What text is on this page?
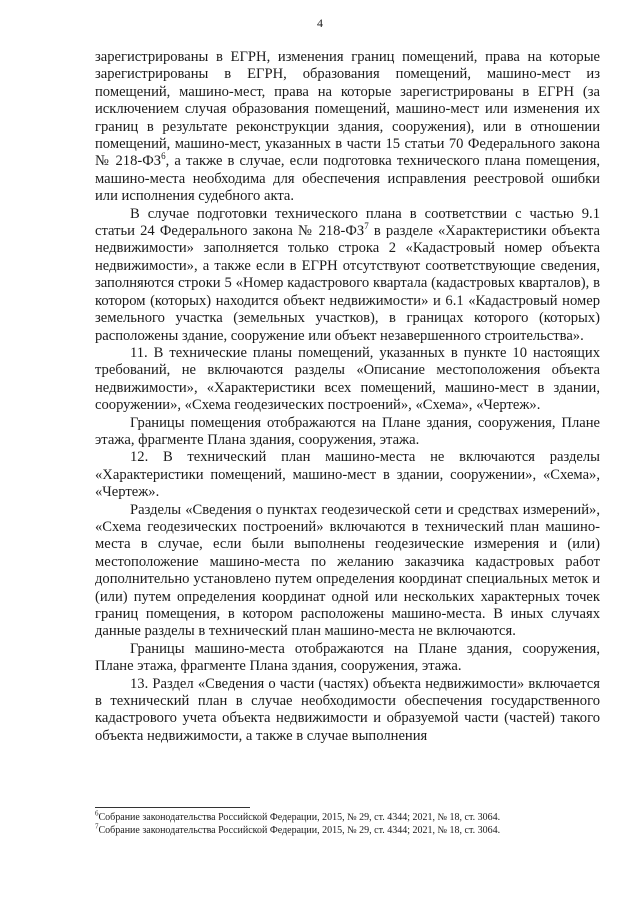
4

зарегистрированы в ЕГРН, изменения границ помещений, права на которые зарегистрированы в ЕГРН, образования помещений, машино-мест из помещений, машино-мест, права на которые зарегистрированы в ЕГРН (за исключением случая образования помещений, машино-мест или изменения их границ в результате реконструкции здания, сооружения), или в отношении помещений, машино-мест, указанных в части 15 статьи 70 Федерального закона № $218-ФЗ^6$, а также в случае, если подготовка технического плана помещения, машино-места необходима для обеспечения исправления реестровой ошибки или исполнения судебного акта.

В случае подготовки технического плана в соответствии с частью 9.1 статьи 24 Федерального закона № $218-ФЗ^7$ в разделе «Характеристики объекта недвижимости» заполняется только строка 2 «Кадастровый номер объекта недвижимости», а также если в ЕГРН отсутствуют соответствующие сведения, заполняются строки 5 «Номер кадастрового квартала (кадастровых кварталов), в котором (которых) находится объект недвижимости» и 6.1 «Кадастровый номер земельного участка (земельных участков), в границах которого (которых) расположены здание, сооружение или объект незавершенного строительства».

11. В технические планы помещений, указанных в пункте 10 настоящих требований, не включаются разделы «Описание местоположения объекта недвижимости», «Характеристики всех помещений, машино-мест в здании, сооружении», «Схема геодезических построений», «Схема», «Чертеж».

Границы помещения отображаются на Плане здания, сооружения, Плане этажа, фрагменте Плана здания, сооружения, этажа.

12. В технический план машино-места не включаются разделы «Характеристики помещений, машино-мест в здании, сооружении», «Схема», «Чертеж».

Разделы «Сведения о пунктах геодезической сети и средствах измерений», «Схема геодезических построений» включаются в технический план машино-места в случае, если были выполнены геодезические измерения и (или) местоположение машино-места по желанию заказчика кадастровых работ дополнительно установлено путем определения координат специальных меток и (или) путем определения координат одной или нескольких характерных точек границ помещения, в котором расположены машино-места. В иных случаях данные разделы в технический план машино-места не включаются.

Границы машино-места отображаются на Плане здания, сооружения, Плане этажа, фрагменте Плана здания, сооружения, этажа.

13. Раздел «Сведения о части (частях) объекта недвижимости» включается в технический план в случае необходимости обеспечения государственного кадастрового учета объекта недвижимости и образуемой части (частей) такого объекта недвижимости, а также в случае выполнения

$^6$Собрание законодательства Российской Федерации, 2015, № 29, ст. 4344; 2021, № 18, ст. 3064.

$^7$Собрание законодательства Российской Федерации, 2015, № 29, ст. 4344; 2021, № 18, ст. 3064.
